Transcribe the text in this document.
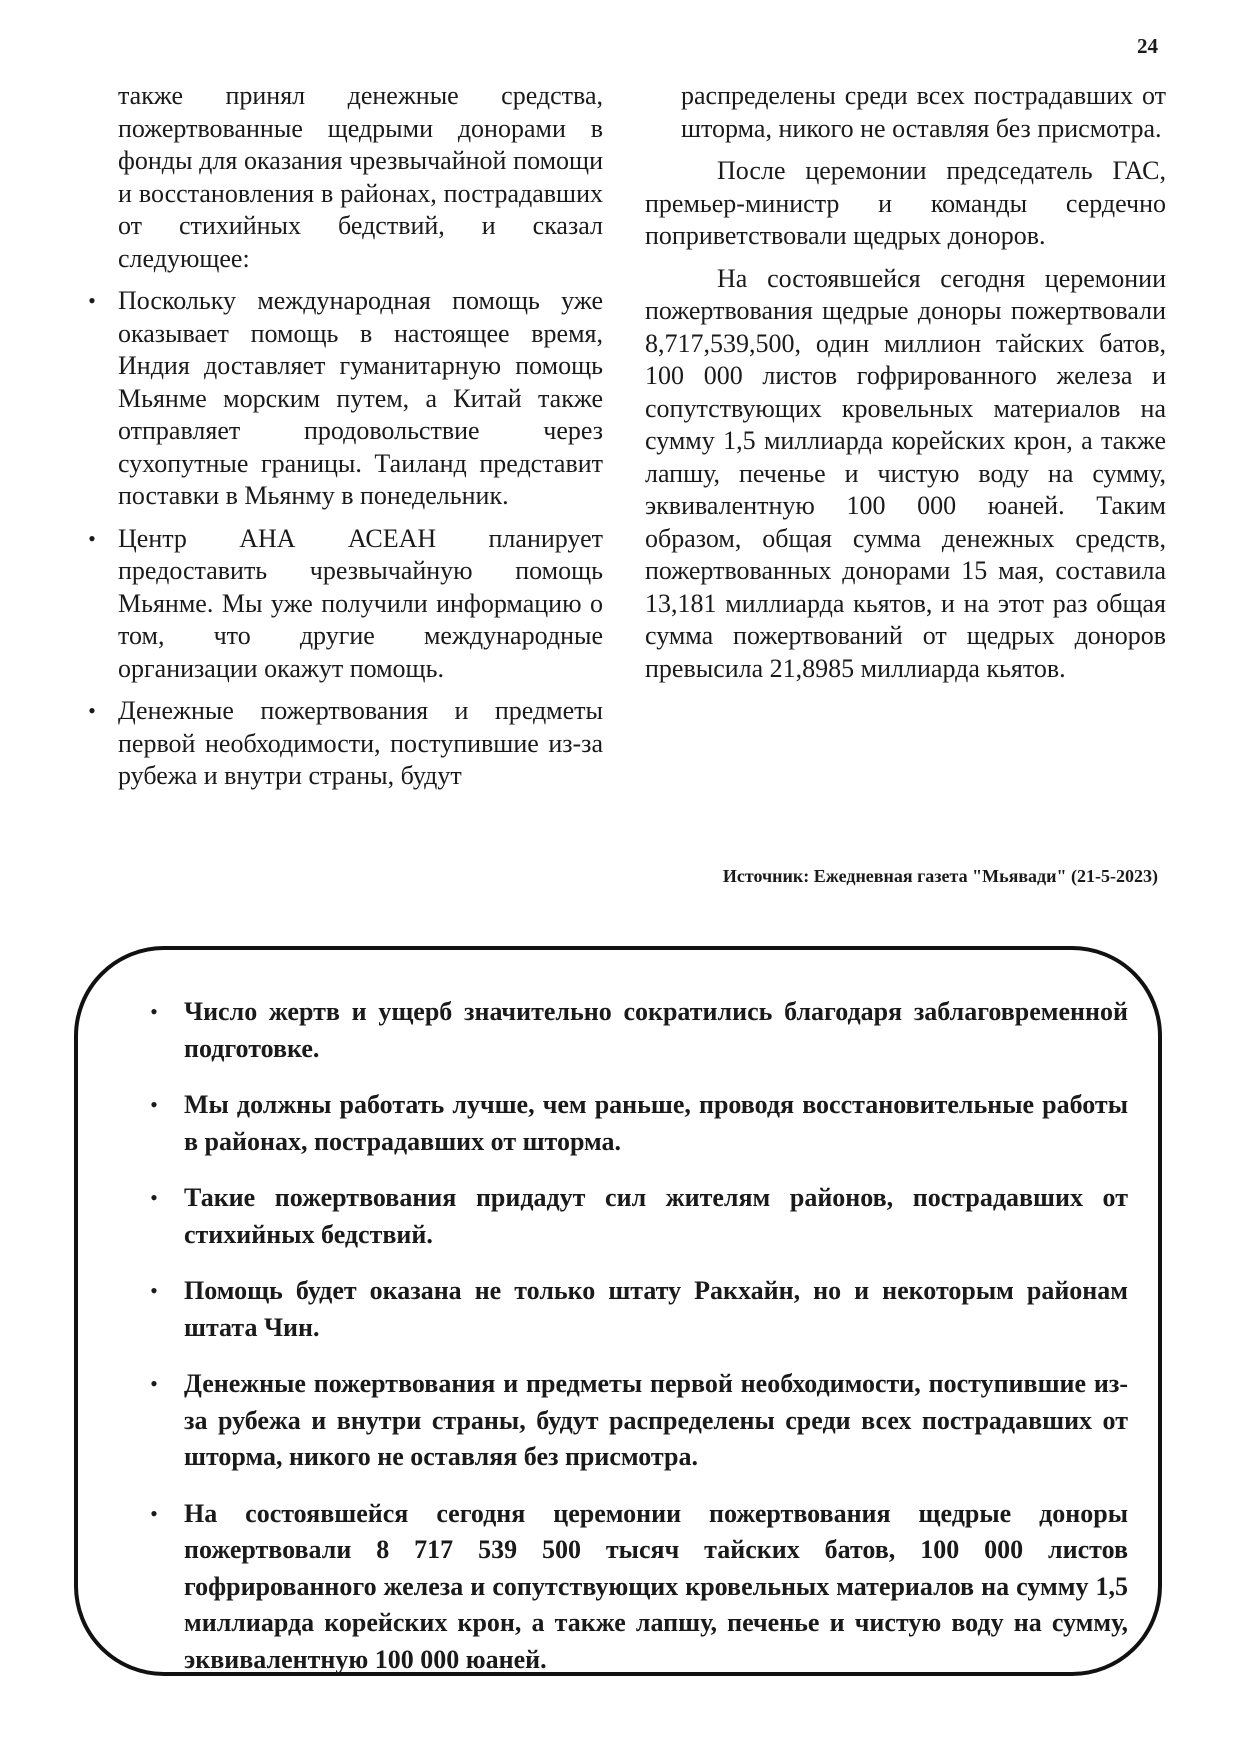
24

также принял денежные средства, пожертвованные щедрыми донорами в фонды для оказания чрезвычайной помощи и восстановления в районах, пострадавших от стихийных бедствий, и сказал следующее:

• Поскольку международная помощь уже оказывает помощь в настоящее время, Индия доставляет гуманитарную помощь Мьянме морским путем, а Китай также отправляет продовольствие через сухопутные границы. Таиланд представит поставки в Мьянму в понедельник.
• Центр АНА АСЕАН планирует предоставить чрезвычайную помощь Мьянме. Мы уже получили информацию о том, что другие международные организации окажут помощь.
• Денежные пожертвования и предметы первой необходимости, поступившие из-за рубежа и внутри страны, будут

распределены среди всех пострадавших от шторма, никого не оставляя без присмотра.

После церемонии председатель ГАС, премьер-министр и команды сердечно поприветствовали щедрых доноров.

На состоявшейся сегодня церемонии пожертвования щедрые доноры пожертвовали 8,717,539,500, один миллион тайских батов, 100 000 листов гофрированного железа и сопутствующих кровельных материалов на сумму 1,5 миллиарда корейских крон, а также лапшу, печенье и чистую воду на сумму, эквивалентную 100 000 юаней. Таким образом, общая сумма денежных средств, пожертвованных донорами 15 мая, составила 13,181 миллиарда кьятов, и на этот раз общая сумма пожертвований от щедрых доноров превысила 21,8985 миллиарда кьятов.

Источник: Ежедневная газета "Мьявади" (21-5-2023)
• Число жертв и ущерб значительно сократились благодаря заблаговременной подготовке.
• Мы должны работать лучше, чем раньше, проводя восстановительные работы в районах, пострадавших от шторма.
• Такие пожертвования придадут сил жителям районов, пострадавших от стихийных бедствий.
• Помощь будет оказана не только штату Ракхайн, но и некоторым районам штата Чин.
• Денежные пожертвования и предметы первой необходимости, поступившие из-за рубежа и внутри страны, будут распределены среди всех пострадавших от шторма, никого не оставляя без присмотра.
• На состоявшейся сегодня церемонии пожертвования щедрые доноры пожертвовали 8 717 539 500 тысяч тайских батов, 100 000 листов гофрированного железа и сопутствующих кровельных материалов на сумму 1,5 миллиарда корейских крон, а также лапшу, печенье и чистую воду на сумму, эквивалентную 100 000 юаней.
